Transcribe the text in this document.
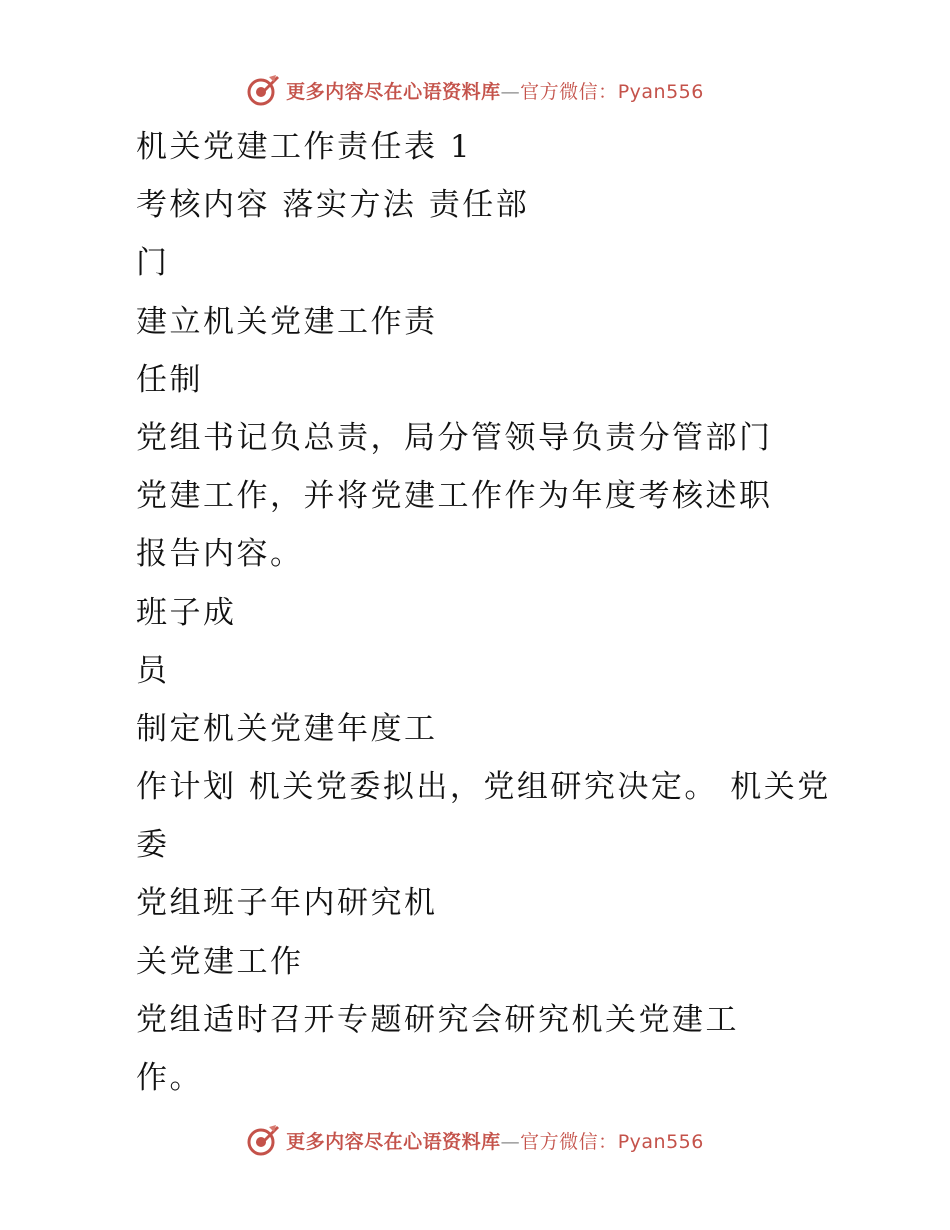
更多内容尽在心语资料库—官方微信：Pyan556
机关党建工作责任表 1
考核内容 落实方法 责任部
门
建立机关党建工作责
任制
党组书记负总责，局分管领导负责分管部门
党建工作，并将党建工作作为年度考核述职
报告内容。
班子成
员
制定机关党建年度工
作计划 机关党委拟出，党组研究决定。 机关党
委
党组班子年内研究机
关党建工作
党组适时召开专题研究会研究机关党建工
作。
更多内容尽在心语资料库—官方微信：Pyan556
